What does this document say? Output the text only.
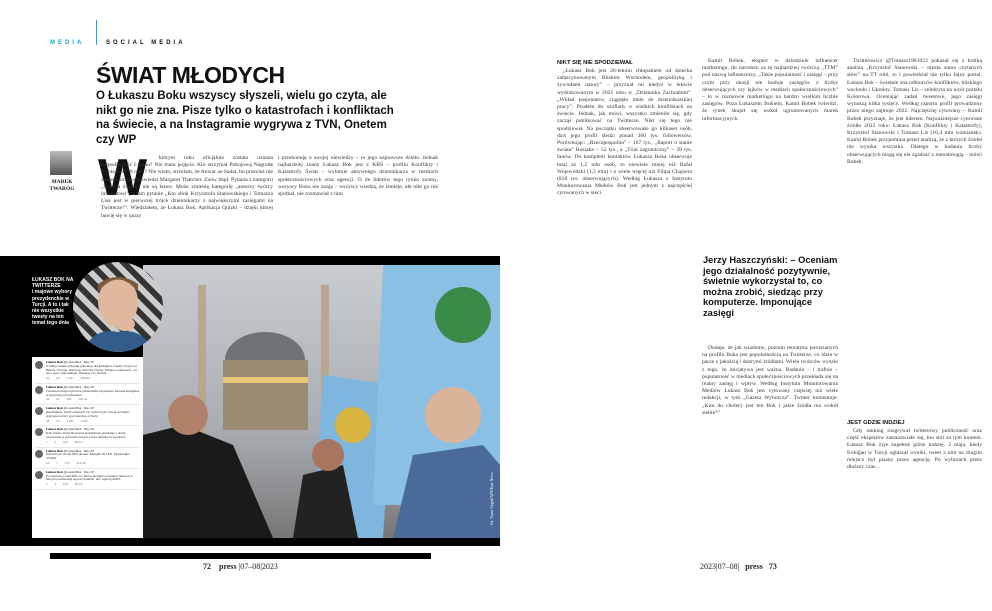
MEDIA	SOCIAL MEDIA
ŚWIAT MŁODYCH

O Łukaszu Boku wszyscy słyszeli, wielu go czyta, ale nikt go nie zna. Pisze tylko o katastrofach i konfliktach na świecie, a na Instagramie wygrywa z TVN, Onetem czy WP

MAREK TWARÓG W	którym roku oficjalnie zostało uznana niepodległość Libanu? Nie mam pojęcia. Kto otrzymał Pokojową Nagrodę Nobla w 1978 roku? Nie wiem, strzelam, że Anwar as-Sadat, bo przecież nie znałem nic w odpowiedzi Margaret Thatcher. Znów błąd. Pytania z kategorii „historia świata” nie są łatwe. Może zmienię kategorię „autorzy twórcy internetowi”, a tam pytanie „Kto obok Krzysztofa Stanowskiego i Tomasza Lisa jest w pierwszej trójce dziennikarzy z największymi zasięgami na Twitterze?”. Wiedziałem, że Łukasz Bok. Aplikacja Quizki – dzięki której bawię się w quizy
i przekonuję o swojej niewiedzy – to jego najnowsze dzieło. Jednak najbardziej znany Łukasz Bok jest z KBŚ – profilu Konflikty i Katastrofy Świat – wybitnie aktywnego dziennikarza w mediach społecznościowych oraz agencji. O ile liderów tego rynku znamy, wszyscy Boka nie znają – wszyscy wiedzą, że istnieje, ale nikt go nie spotkał, nie rozmawiał z nim
fot. Yasin Akgul/AFP/East News
ŁUKASZ BOK NA TWITTERZE
i majowe wybory prezydenckie w Turcji. A to i tak nie wszystkie tweety na ten temat tego dnia
Łukasz Bok @LukaszBok · May 28
Z całego świata spływają gratulacje dla Erdoğana, między innymi od Bidena, Trumpa, Macrona, Scholza, Putina, Orbana, Łukaszenki, von der Leyen, Zełenskiego, Raisiego czy Vucicia.
41 32 1,317 208.8K
Łukasz Bok @LukaszBok · May 28
Turecka komisja wyborcza potwierdziła zwycięstwo Recepa Erdoğana w wyborach prezydenckich.
24 21 105 104.3K
Łukasz Bok @LukaszBok · May 28
Nieoficjalnie: 100% otwartych urn wyborczych. Recep Erdoğan wygrywa wybory prezydenckie w Turcji.
48 30 1,027 170K
Łukasz Bok @LukaszBok · May 28
Emir Kataru złożył Recepowi Erdoğanowi gratulacje z okazji zwycięstwa w wyborach jeszcze przed oficjalnymi wynikami.
7 1 140 98.1K
Łukasz Bok @LukaszBok · May 28
Policzonych ponad 99% głosów. Erdogan 52,14%, Kılıçdaroğlu 47,86%.
16 7 175 114.3K
Łukasz Bok @LukaszBok · May 28
Po otwarciu ponad 90% urn Recep Erdoğan prowadzi zarówno w danych państwowej agencji Anadolu, jak i agencji ANKA.
7 4 103 80.1K
72 press |07–08|2023	2023|07–08| press 73
NIKT SIĘ NIE SPODZIEWAŁ

„Łukasz Bok jest 26-letnim chłopakiem od dziecka zafascynowanym Bliskim Wschodem, geopolityką i żywiołami natury” – przyznał mi kiedyś w tekście wydrukowanym w 2021 roku w „Dzienniku Zachodnim”. „Wkład pasjonatów, ciągnęło mnie do dziennikarskiej pracy”. Pisałem do szuflady o wielkich konfliktach na świecie. Jednak, jak mówi, wszystko zmieniło się, gdy zaczął publikować na Twitterze. Nikt się tego nie spodziewał. Na początku obserwowało go kilkaset osób, dziś jego profil śledzi ponad 360 tys. followersów. Porównując: „Rzeczpospolita” – 167 tys., „Raport o stanie świata” Rosiaka – 52 tys., a „Trial zagraniczny” – 39 tys. fanów. Do kompletu kontaktów Łukasza Boka obserwuje tutaj aż 1,2 mln osób, to niewiele mniej niż Rafał Wojewódzki (1,5 mln) i o wiele więcej niż Filipa Chajzera (818 tys. obserwujących). Według Łukasza z Instytutu Monitorowania Mediów Bok jest jednym z najczęściej cytowanych w sieci

Kamil Bobek, ekspert w dziedzinie influencer marketingu, do narodzin za tę najbardziej twórczą „TTM” pod nazwą influencerzy. „Takie popularność i zasięgi – przy czym przy okazji nie buduje zasięgów z liczby obserwujących czy lajków w mediach społecznościowych” – to w rozmowie marketingu na bardzo wielkim liczbie zasięgów. Poza Łukaszem Bokiem, Kamil Bobek twierdzi, że rynek skupił się wokół ugruntowanych marek informacyjnych.

Jerzy Haszczyński: – Oceniam jego działalność pozytywnie, świetnie wykorzystał to, co można zrobić, siedząc przy komputerze. Imponujące zasięgi

Dodaje, że jak wiadomo, poziom tematyka poruszanych na profilu Boka jest popularnością na Twitterze, co idzie w parze z jakością i dobrymi źródłami. Wielu twórców wyszło z tego, że inicjatywa jest ważna. Badania – i trafnie – popularność w mediach społecznościowych przekłada się na realny zasięg i wpływ. Według Instytutu Monitorowania Mediów Łukasz Bok jest cytowany częściej niż wiele redakcji, w tym „Gazeta Wyborcza”. Twitter komentuje: „Kim do cholery jest ten Bok i jakie źródła ma wokół siebie?”

Twitterowicz @Tomasz1981022 pokazał się z krótką analizą „Krzysztof Stanowski – niezła suma czytanych słów” na TT robi, to i powiedział nie tylko fajny portal. Łukasz Bok – świetnie zna odbiorców konfliktów, bliskiego wschodu i Ukrainy. Tomasz Lis – celebryta na wzór portalu Kolorowa. Oceniając zadań tweetowe, jego zasięgi wynoszą kilka tysięcy. Według raportu profil prowadzony przez niego zajmuje 2022. Najczęściej cytowany – Kamil Bobek przyznaje, że jest liderem. Najważniejsze cytowane źródło 2022 roku: Łukasz Bok (Konflikty i Katastrofy), Krzysztof Stanowski i Tomasz Lis (16,4 mln wzmianek). Kamil Bobek przypomina przed analizą, że z których źródeł nie wynika wszystko. Dlatego w badaniu liczby obserwujących mogą się nie zgadzać z metodologią – mówi Bobek.

JEST GDZIE INDZIEJ

Gdy ranking rozgrywał twitterowy publiczność oraz część ekspertów zastanawiało się, kto stoi za tym kontem. Łukasz Bok żyje zupełnie gdzie indziej. 2 maja, kiedy Erdoğan w Turcji ogłaszał wyniki, tweet z nim na drugim miejscu był pisany przez agencję. Po wyborach przez dłuższy czas…
